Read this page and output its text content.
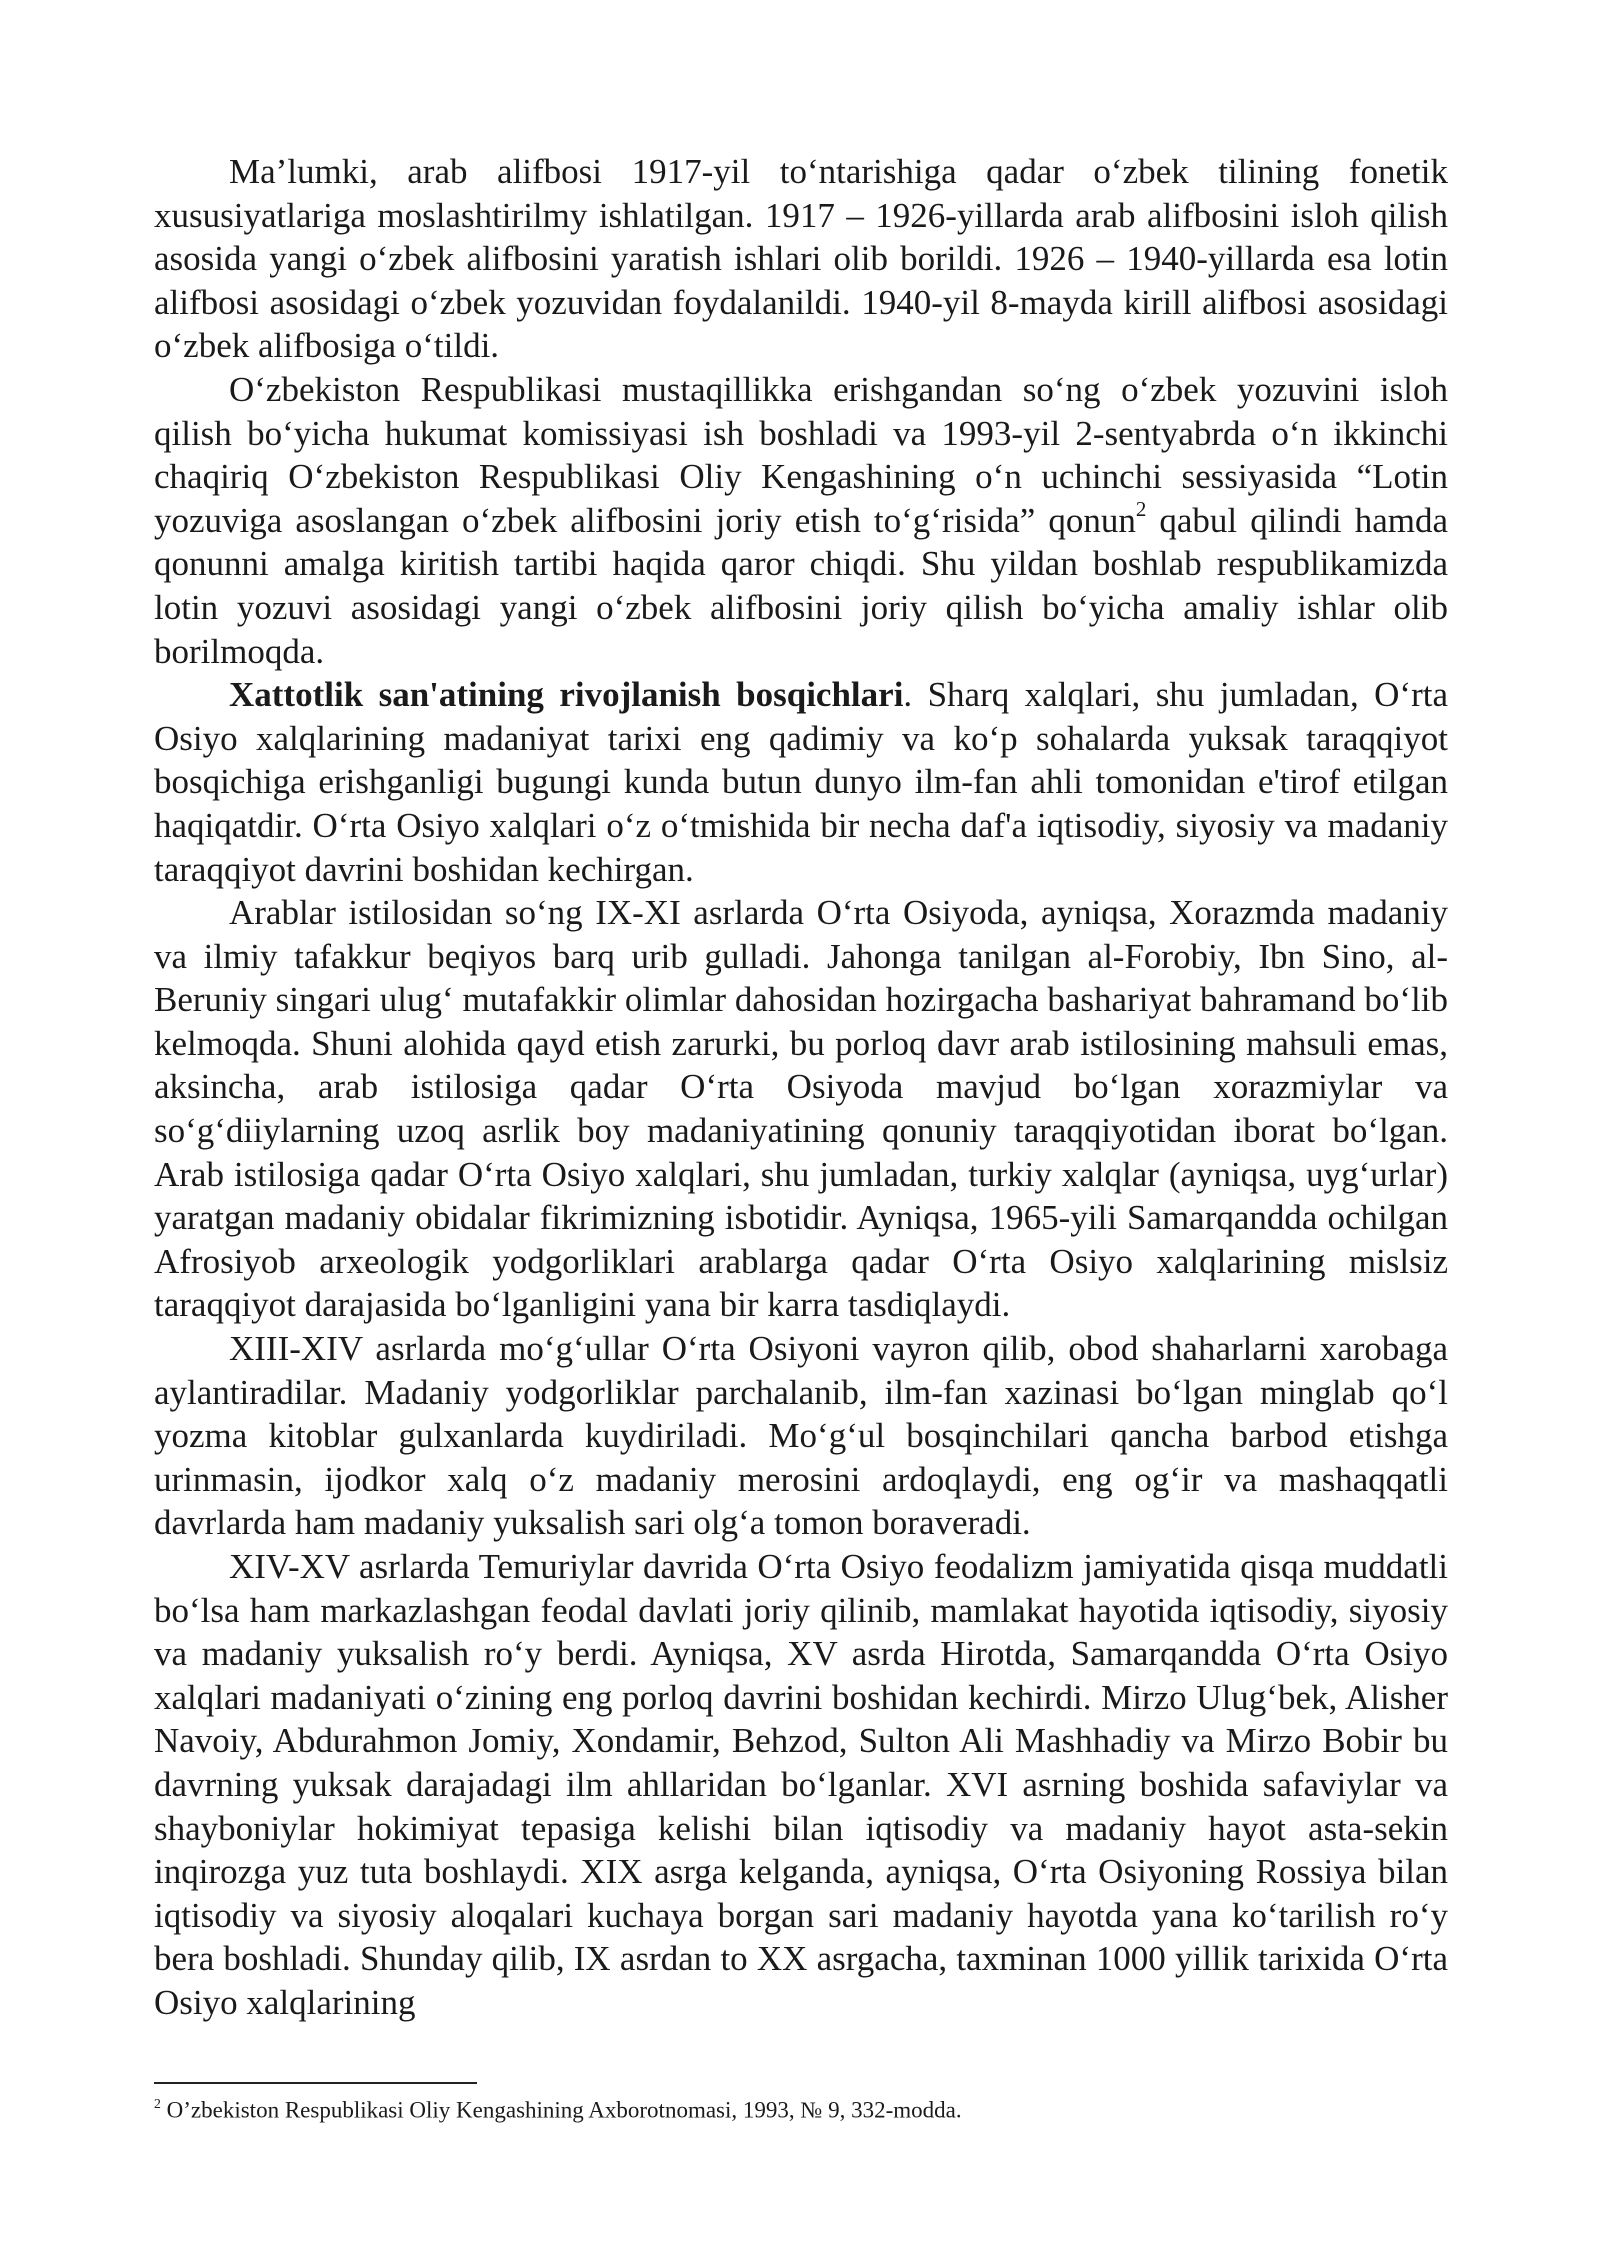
Ma’lumki, arab alifbosi 1917-yil to‘ntarishiga qadar o‘zbek tilining fonetik xususiyatlariga moslashtirilmy ishlatilgan. 1917 – 1926-yillarda arab alifbosini isloh qilish asosida yangi o‘zbek alifbosini yaratish ishlari olib borildi. 1926 – 1940-yillarda esa lotin alifbosi asosidagi o‘zbek yozuvidan foydalanildi. 1940-yil 8-mayda kirill alifbosi asosidagi o‘zbek alifbosiga o‘tildi.

O‘zbekiston Respublikasi mustaqillikka erishgandan so‘ng o‘zbek yozuvini isloh qilish bo‘yicha hukumat komissiyasi ish boshladi va 1993-yil 2-sentyabrda o‘n ikkinchi chaqiriq O‘zbekiston Respublikasi Oliy Kengashining o‘n uchinchi sessiyasida “Lotin yozuviga asoslangan o‘zbek alifbosini joriy etish to‘g‘risida” qonun$^2$ qabul qilindi hamda qonunni amalga kiritish tartibi haqida qaror chiqdi. Shu yildan boshlab respublikamizda lotin yozuvi asosidagi yangi o‘zbek alifbosini joriy qilish bo‘yicha amaliy ishlar olib borilmoqda.

Xattotlik san'atining rivojlanish bosqichlari. Sharq xalqlari, shu jumladan, O‘rta Osiyo xalqlarining madaniyat tarixi eng qadimiy va ko‘p sohalarda yuksak taraqqiyot bosqichiga erishganligi bugungi kunda butun dunyo ilm-fan ahli tomonidan e'tirof etilgan haqiqatdir. O‘rta Osiyo xalqlari o‘z o‘tmishida bir necha daf'a iqtisodiy, siyosiy va madaniy taraqqiyot davrini boshidan kechirgan.

Arablar istilosidan so‘ng IX-XI asrlarda O‘rta Osiyoda, ayniqsa, Xorazmda madaniy va ilmiy tafakkur beqiyos barq urib gulladi. Jahonga tanilgan al-Forobiy, Ibn Sino, al-Beruniy singari ulug‘ mutafakkir olimlar dahosidan hozirgacha bashariyat bahramand bo‘lib kelmoqda. Shuni alohida qayd etish zarurki, bu porloq davr arab istilosining mahsuli emas, aksincha, arab istilosiga qadar O‘rta Osiyoda mavjud bo‘lgan xorazmiylar va so‘g‘diiylarning uzoq asrlik boy madaniyatining qonuniy taraqqiyotidan iborat bo‘lgan. Arab istilosiga qadar O‘rta Osiyo xalqlari, shu jumladan, turkiy xalqlar (ayniqsa, uyg‘urlar) yaratgan madaniy obidalar fikrimizning isbotidir. Ayniqsa, 1965-yili Samarqandda ochilgan Afrosiyob arxeologik yodgorliklari arablarga qadar O‘rta Osiyo xalqlarining mislsiz taraqqiyot darajasida bo‘lganligini yana bir karra tasdiqlaydi.

XIII-XIV asrlarda mo‘g‘ullar O‘rta Osiyoni vayron qilib, obod shaharlarni xarobaga aylantiradilar. Madaniy yodgorliklar parchalanib, ilm-fan xazinasi bo‘lgan minglab qo‘l yozma kitoblar gulxanlarda kuydiriladi. Mo‘g‘ul bosqinchilari qancha barbod etishga urinmasin, ijodkor xalq o‘z madaniy merosini ardoqlaydi, eng og‘ir va mashaqqatli davrlarda ham madaniy yuksalish sari olg‘a tomon boraveradi.

XIV-XV asrlarda Temuriylar davrida O‘rta Osiyo feodalizm jamiyatida qisqa muddatli bo‘lsa ham markazlashgan feodal davlati joriy qilinib, mamlakat hayotida iqtisodiy, siyosiy va madaniy yuksalish ro‘y berdi. Ayniqsa, XV asrda Hirotda, Samarqandda O‘rta Osiyo xalqlari madaniyati o‘zining eng porloq davrini boshidan kechirdi. Mirzo Ulug‘bek, Alisher Navoiy, Abdurahmon Jomiy, Xondamir, Behzod, Sulton Ali Mashhadiy va Mirzo Bobir bu davrning yuksak darajadagi ilm ahllaridan bo‘lganlar. XVI asrning boshida safaviylar va shayboniylar hokimiyat tepasiga kelishi bilan iqtisodiy va madaniy hayot asta-sekin inqirozga yuz tuta boshlaydi. XIX asrga kelganda, ayniqsa, O‘rta Osiyoning Rossiya bilan iqtisodiy va siyosiy aloqalari kuchaya borgan sari madaniy hayotda yana ko‘tarilish ro‘y bera boshladi. Shunday qilib, IX asrdan to XX asrgacha, taxminan 1000 yillik tarixida O‘rta Osiyo xalqlarining

$^2$ O’zbekiston Respublikasi Oliy Kengashining Axborotnomasi, 1993, № 9, 332-modda.
